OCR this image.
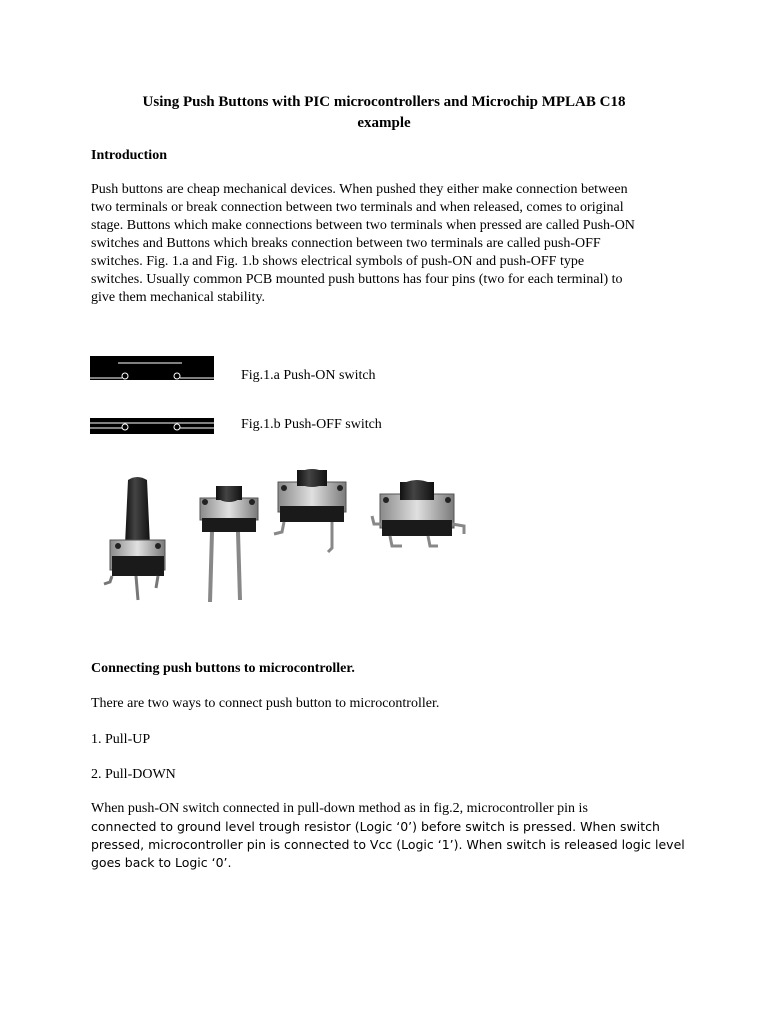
Using Push Buttons with PIC microcontrollers and Microchip MPLAB C18
example
Introduction
Push buttons are cheap mechanical devices. When pushed they either make connection between
two terminals or break connection between two terminals and when released, comes to original
stage. Buttons which make connections between two terminals when pressed are called Push-ON
switches and Buttons which breaks connection between two terminals are called push-OFF
switches. Fig. 1.a and Fig. 1.b shows electrical symbols of push-ON and push-OFF type
switches. Usually common PCB mounted push buttons has four pins (two for each terminal) to
give them mechanical stability.
Fig.1.a Push-ON switch
Fig.1.b Push-OFF switch
Connecting push buttons to microcontroller.
There are two ways to connect push button to microcontroller.
1. Pull-UP
2. Pull-DOWN
When push-ON switch connected in pull-down method as in fig.2, microcontroller pin is
connected to ground level trough resistor (Logic ‘0’) before switch is pressed. When switch
pressed, microcontroller pin is connected to Vcc (Logic ‘1’). When switch is released logic level
goes back to Logic ‘0’.
